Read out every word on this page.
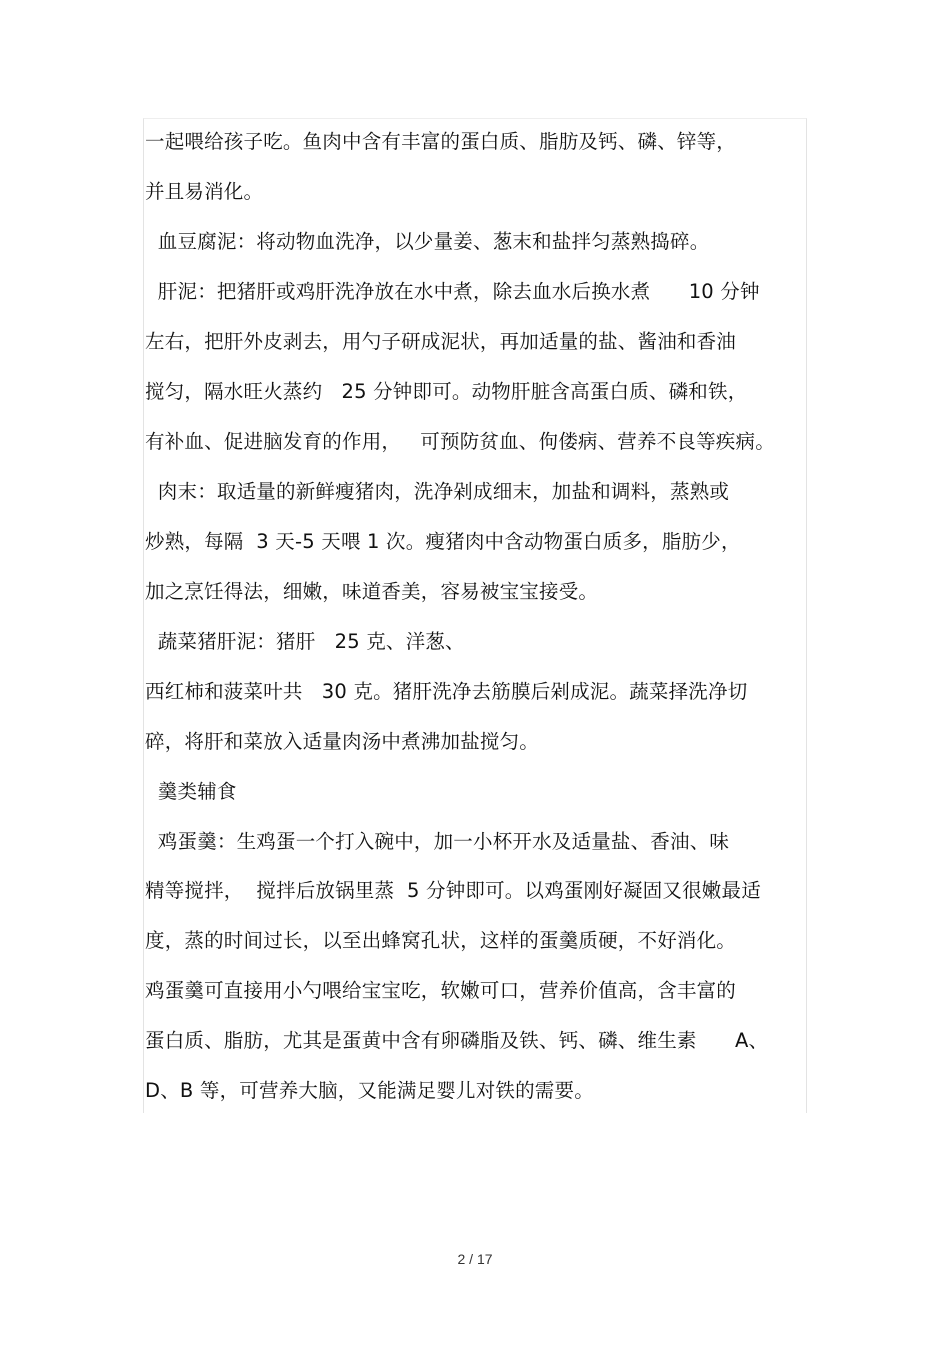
一起喂给孩子吃。鱼肉中含有丰富的蛋白质、脂肪及钙、磷、锌等，

并且易消化。

血豆腐泥：将动物血洗净，以少量姜、葱末和盐拌匀蒸熟捣碎。

肝泥：把猪肝或鸡肝洗净放在水中煮，除去血水后换水煮      10 分钟

左右，把肝外皮剥去，用勺子研成泥状，再加适量的盐、酱油和香油

搅匀，隔水旺火蒸约   25 分钟即可。动物肝脏含高蛋白质、磷和铁，

有补血、促进脑发育的作用，   可预防贫血、佝偻病、营养不良等疾病。

肉末：取适量的新鲜瘦猪肉，洗净剁成细末，加盐和调料，蒸熟或

炒熟，每隔  3 天-5 天喂 1 次。瘦猪肉中含动物蛋白质多，脂肪少，

加之烹饪得法，细嫩，味道香美，容易被宝宝接受。

蔬菜猪肝泥：猪肝   25 克、洋葱、

西红柿和菠菜叶共   30 克。猪肝洗净去筋膜后剁成泥。蔬菜择洗净切

碎，将肝和菜放入适量肉汤中煮沸加盐搅匀。

羹类辅食

鸡蛋羹：生鸡蛋一个打入碗中，加一小杯开水及适量盐、香油、味

精等搅拌，  搅拌后放锅里蒸  5 分钟即可。以鸡蛋刚好凝固又很嫩最适

度，蒸的时间过长，以至出蜂窝孔状，这样的蛋羹质硬，不好消化。

鸡蛋羹可直接用小勺喂给宝宝吃，软嫩可口，营养价值高，含丰富的

蛋白质、脂肪，尤其是蛋黄中含有卵磷脂及铁、钙、磷、维生素      A、

D、B 等，可营养大脑，又能满足婴儿对铁的需要。

2 / 17
